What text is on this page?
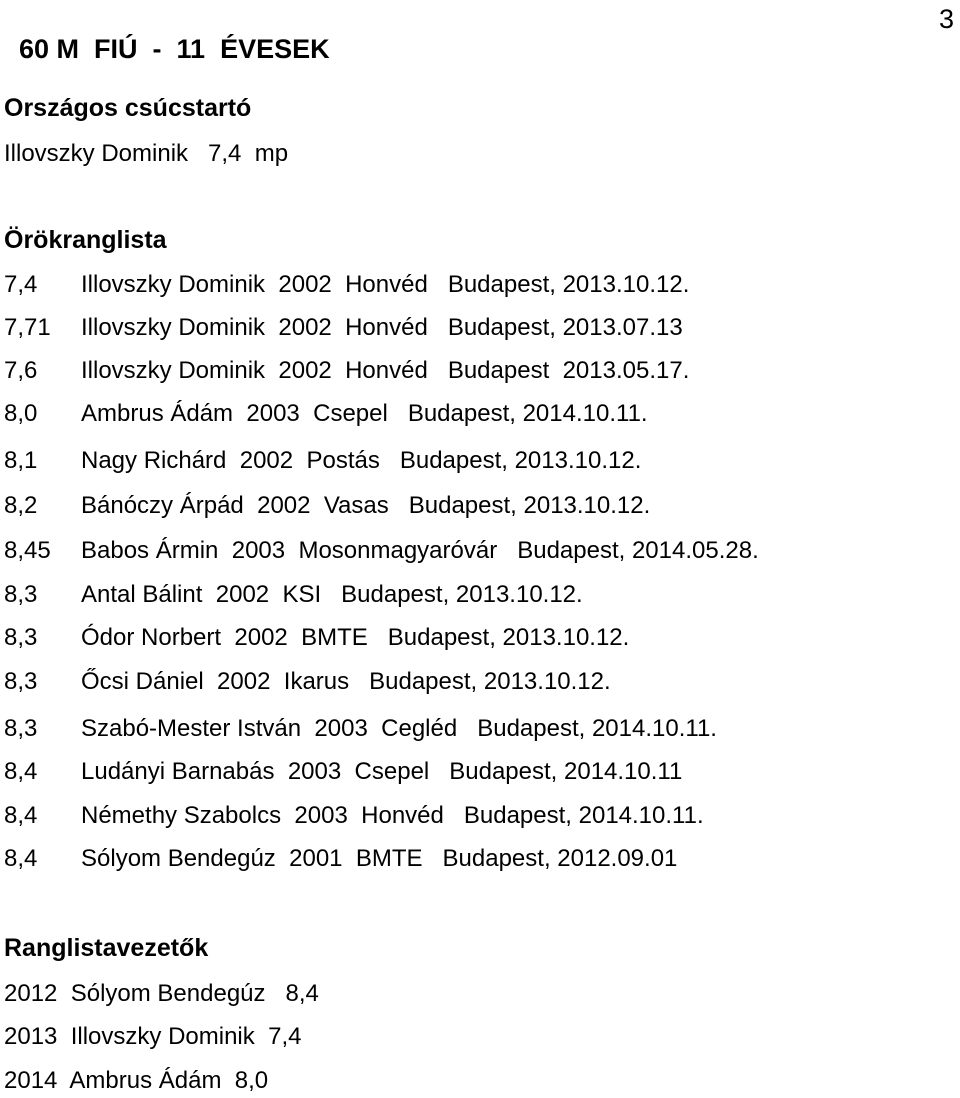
60 M  FIÚ  -  11  ÉVESEK

3

Országos csúcstartó
Illovszky Dominik   7,4  mp
Örökranglista
7,4 Illovszky Dominik  2002  Honvéd   Budapest, 2013.10.12.
7,71 Illovszky Dominik  2002  Honvéd   Budapest, 2013.07.13
7,6 Illovszky Dominik  2002  Honvéd   Budapest  2013.05.17.
8,0 Ambrus Ádám  2003  Csepel   Budapest, 2014.10.11.
8,1 Nagy Richárd  2002  Postás   Budapest, 2013.10.12.
8,2 Bánóczy Árpád  2002  Vasas   Budapest, 2013.10.12.
8,45 Babos Ármin  2003  Mosonmagyaróvár   Budapest, 2014.05.28.
8,3 Antal Bálint  2002  KSI   Budapest, 2013.10.12.
8,3 Ódor Norbert  2002  BMTE   Budapest, 2013.10.12.
8,3 Őcsi Dániel  2002  Ikarus   Budapest, 2013.10.12.
8,3 Szabó-Mester István  2003  Cegléd   Budapest, 2014.10.11.
8,4 Ludányi Barnabás  2003  Csepel   Budapest, 2014.10.11
8,4 Némethy Szabolcs  2003  Honvéd   Budapest, 2014.10.11.
8,4 Sólyom Bendegúz  2001  BMTE   Budapest, 2012.09.01
Ranglistavezetők
2012  Sólyom Bendegúz   8,4
2013  Illovszky Dominik  7,4
2014  Ambrus Ádám  8,0
